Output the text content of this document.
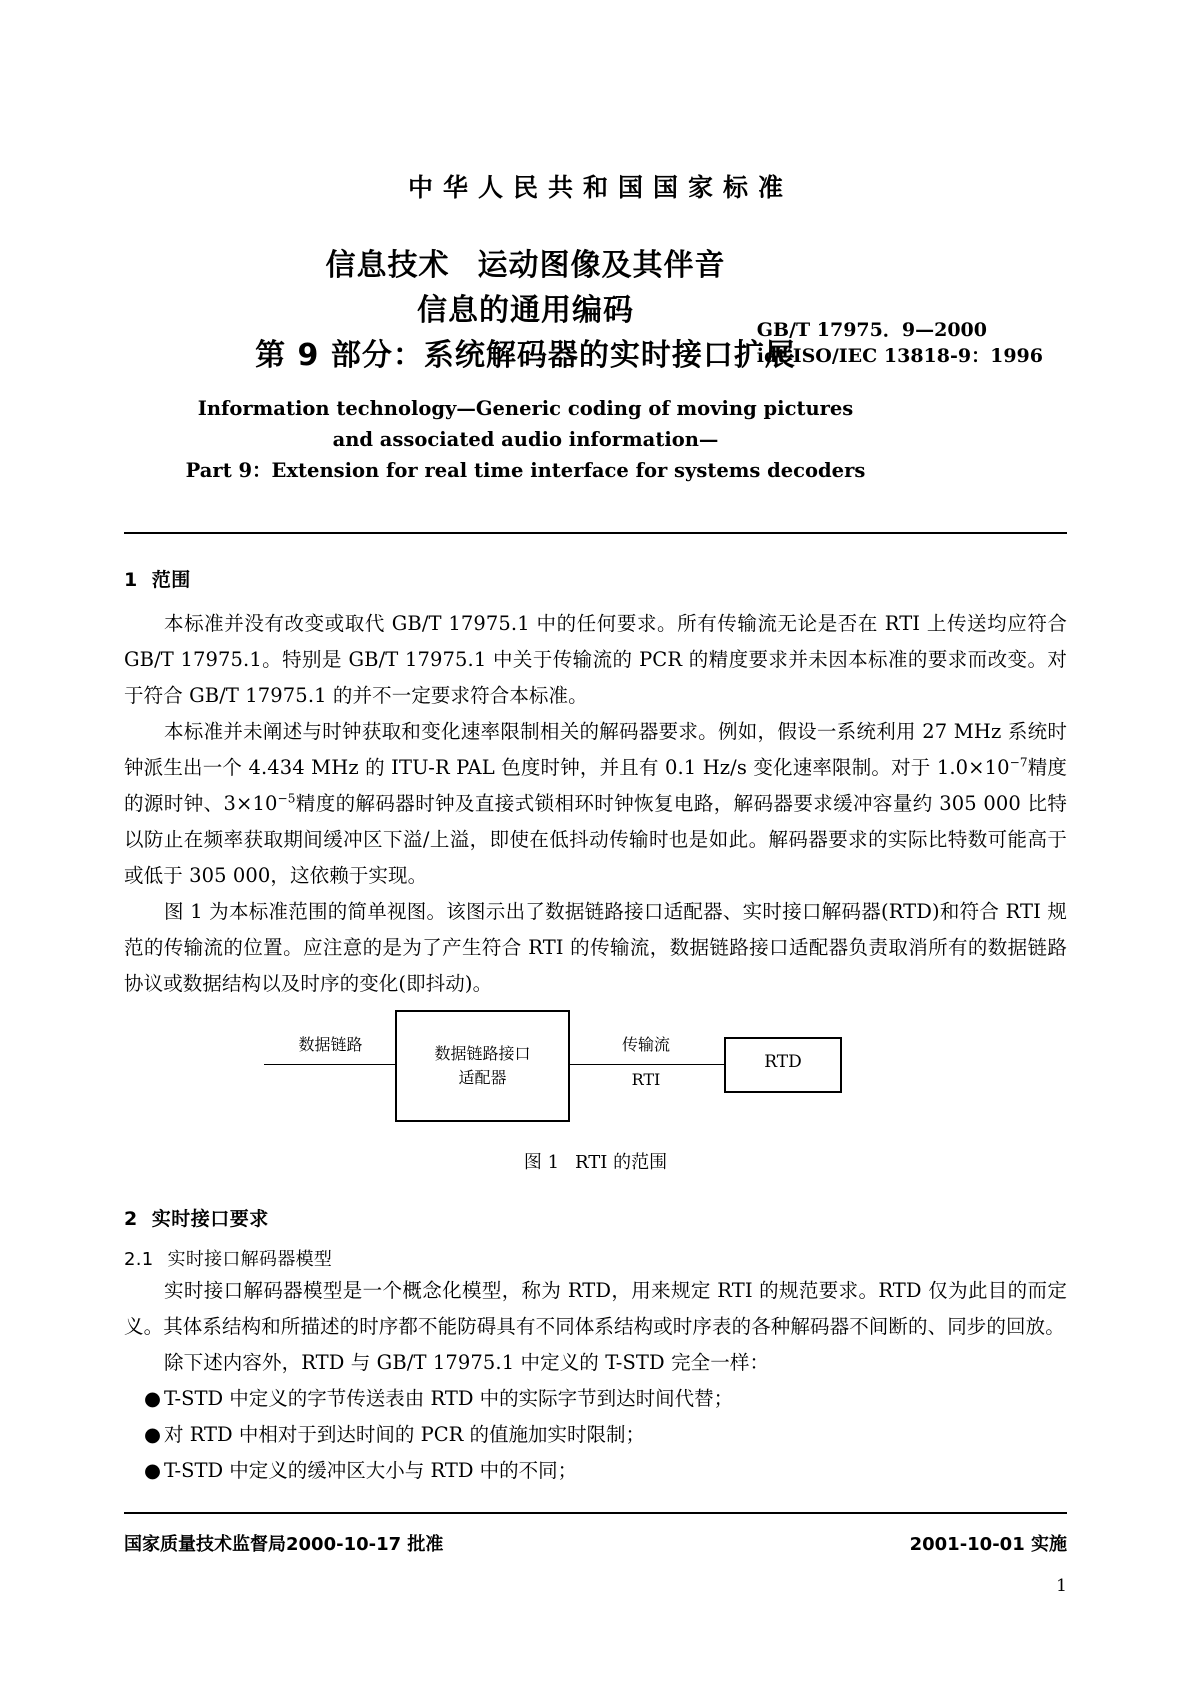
中华人民共和国国家标准
信息技术 运动图像及其伴音
信息的通用编码
第 9 部分：系统解码器的实时接口扩展
GB/T 17975．9—2000
idt ISO/IEC 13818-9：1996
Information technology—Generic coding of moving pictures
and associated audio information—
Part 9：Extension for real time interface for systems decoders
1 范围

本标准并没有改变或取代 GB/T 17975.1 中的任何要求。所有传输流无论是否在 RTI 上传送均应符合 GB/T 17975.1。特别是 GB/T 17975.1 中关于传输流的 PCR 的精度要求并未因本标准的要求而改变。对于符合 GB/T 17975.1 的并不一定要求符合本标准。

本标准并未阐述与时钟获取和变化速率限制相关的解码器要求。例如，假设一系统利用 27 MHz 系统时钟派生出一个 4.434 MHz 的 ITU-R PAL 色度时钟，并且有 0.1 Hz/s 变化速率限制。对于 $1.0\times 10^{-7}$精度的源时钟、$3\times 10^{-5}$精度的解码器时钟及直接式锁相环时钟恢复电路，解码器要求缓冲容量约 305 000 比特以防止在频率获取期间缓冲区下溢/上溢，即使在低抖动传输时也是如此。解码器要求的实际比特数可能高于或低于 305 000，这依赖于实现。

图 1 为本标准范围的简单视图。该图示出了数据链路接口适配器、实时接口解码器(RTD)和符合 RTI 规范的传输流的位置。应注意的是为了产生符合 RTI 的传输流，数据链路接口适配器负责取消所有的数据链路协议或数据结构以及时序的变化(即抖动)。

数据链路	数据链路接口
适配器
传输流
RTI
RTD
图 1 RTI 的范围
2 实时接口要求
2.1 实时接口解码器模型

实时接口解码器模型是一个概念化模型，称为 RTD，用来规定 RTI 的规范要求。RTD 仅为此目的而定义。其体系结构和所描述的时序都不能防碍具有不同体系结构或时序表的各种解码器不间断的、同步的回放。

除下述内容外，RTD 与 GB/T 17975.1 中定义的 T-STD 完全一样：

● T-STD 中定义的字节传送表由 RTD 中的实际字节到达时间代替；
● 对 RTD 中相对于到达时间的 PCR 的值施加实时限制；
● T-STD 中定义的缓冲区大小与 RTD 中的不同；
国家质量技术监督局2000-10-17 批准	2001-10-01 实施
1
